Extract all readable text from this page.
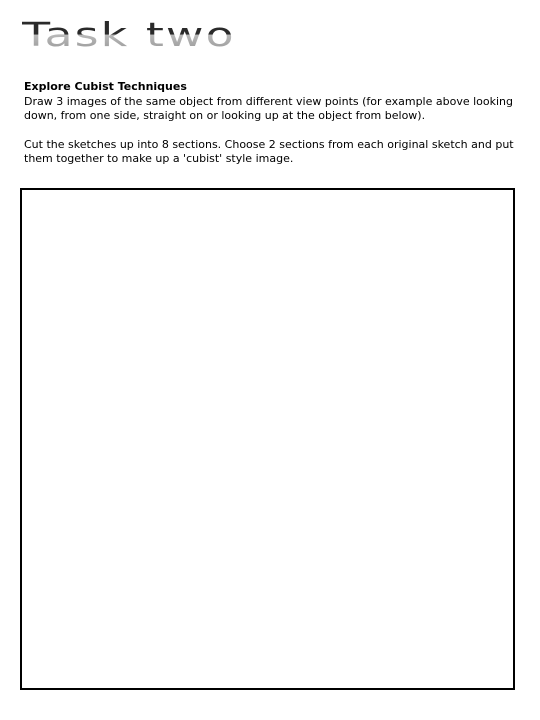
Task two
Explore Cubist Techniques

Draw 3 images of the same object from different view points (for example above looking down, from one side, straight on or looking up at the object from below).

Cut the sketches up into 8 sections. Choose 2 sections from each original sketch and put them together to make up a 'cubist' style image.
